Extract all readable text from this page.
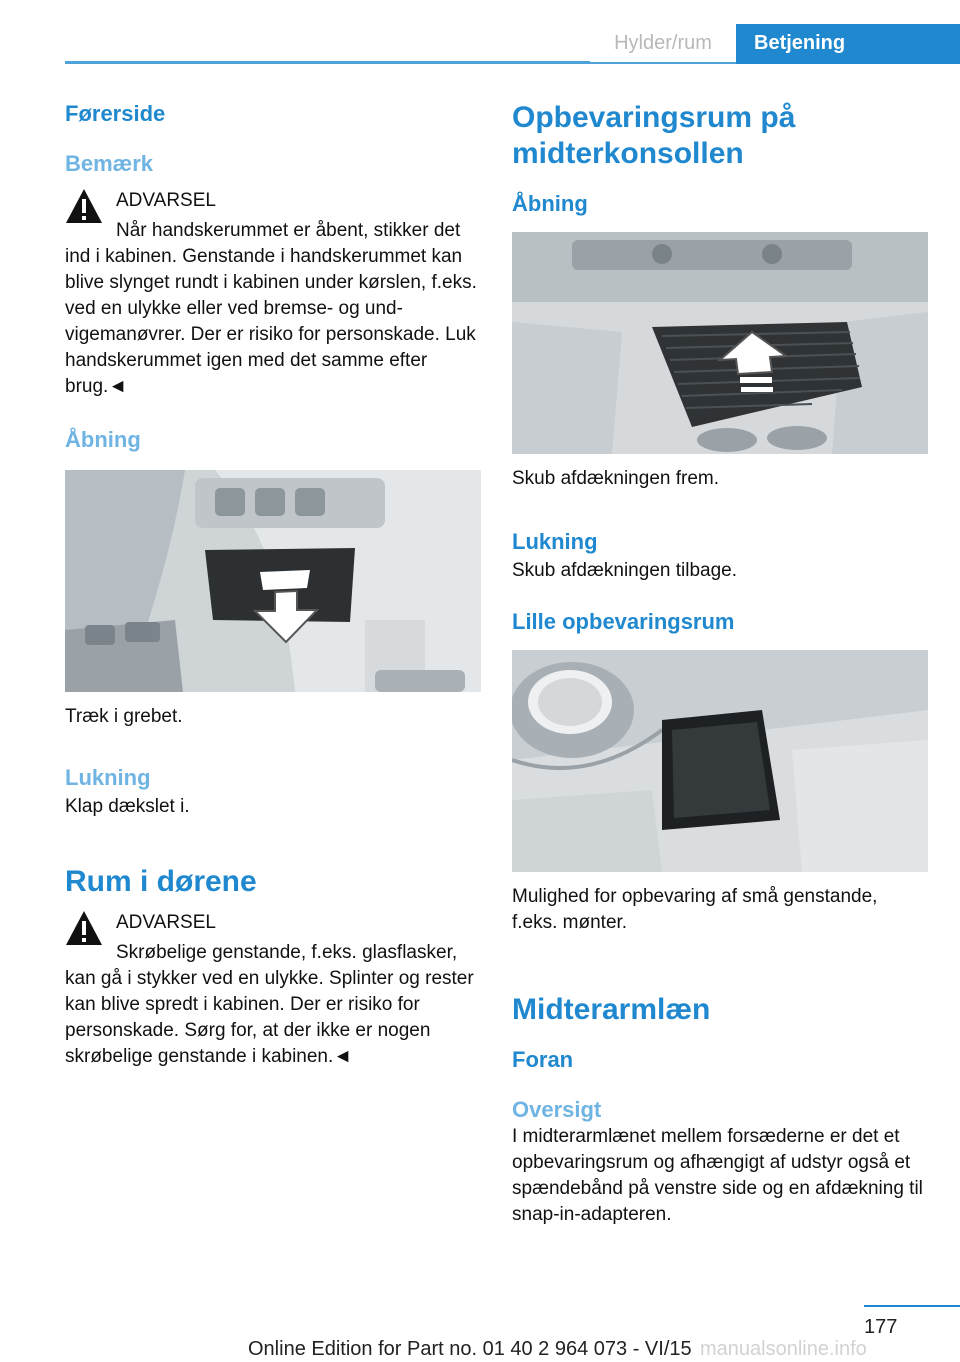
Hylder/rum	Betjening
Førerside
Bemærk
ADVARSEL
Når handskerummet er åbent, stikker det
ind i kabinen. Genstande i handskerummet kan blive slynget rundt i kabinen under kørslen, f.eks. ved en ulykke eller ved bremse- og undvigemanøvrer. Der er risiko for personskade. Luk handskerummet igen med det samme efter brug.◄
Åbning
Træk i grebet.
Lukning
Klap dækslet i.
Rum i dørene
ADVARSEL
Skrøbelige genstande, f.eks. glasflasker,
kan gå i stykker ved en ulykke. Splinter og rester kan blive spredt i kabinen. Der er risiko for personskade. Sørg for, at der ikke er nogen skrøbelige genstande i kabinen.◄
Opbevaringsrum på midterkonsollen
Åbning
Skub afdækningen frem.
Lukning
Skub afdækningen tilbage.
Lille opbevaringsrum
Mulighed for opbevaring af små genstande, f.eks. mønter.
Midterarmlæn
Foran
Oversigt
I midterarmlænet mellem forsæderne er det et opbevaringsrum og afhængigt af udstyr også et spændebånd på venstre side og en afdækning til snap-in-adapteren.
177
Online Edition for Part no. 01 40 2 964 073 - VI/15 manualsonline.info
